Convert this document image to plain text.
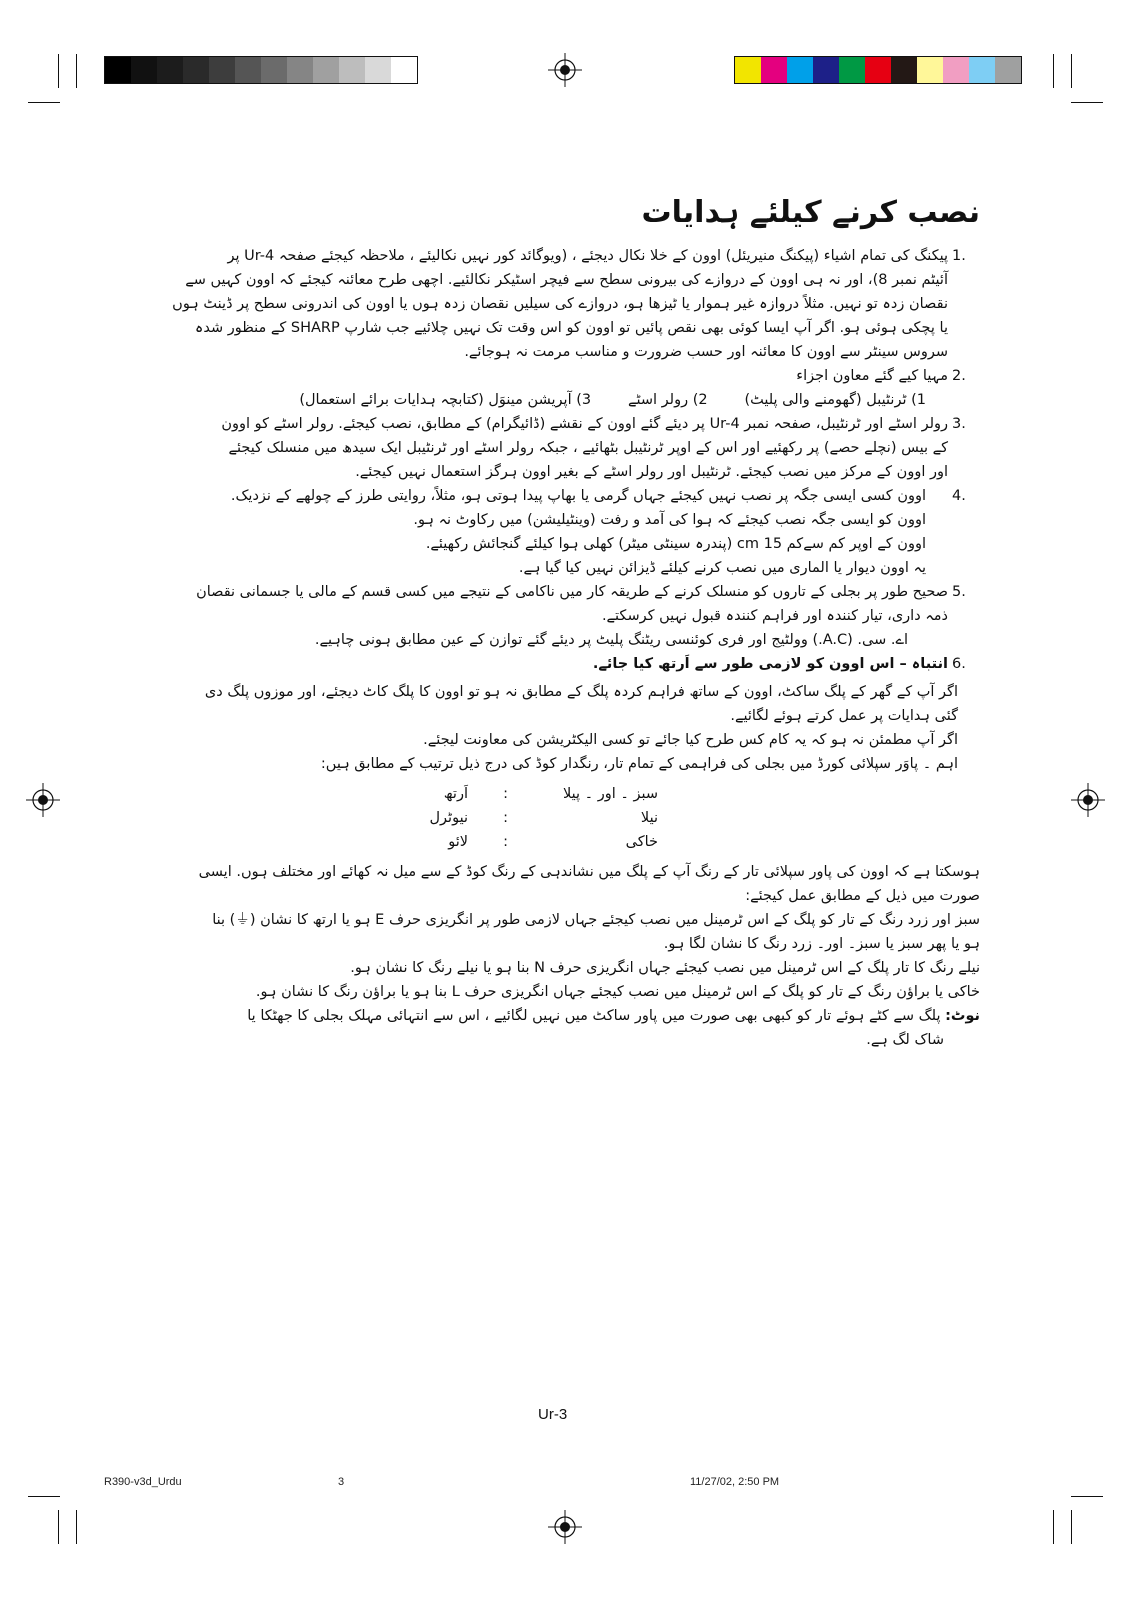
نصب کرنے کیلئے ہدایات
1.

پیکنگ کی تمام اشیاء (پیکنگ منیریئل) اوون کے خلا نکال دیجئے ، (ویوگائد کور نہیں نکالیئے ، ملاحظہ کیجئے صفحہ Ur-4 پر

آئیٹم نمبر 8)، اور نہ ہی اوون کے دروازے کی بیرونی سطح سے فیچر اسٹیکر نکالئیے. اچھی طرح معائنہ کیجئے کہ اوون کہیں سے

نقصان زدہ تو نہیں. مثلاً دروازہ غیر ہموار یا ٹیزھا ہو، دروازے کی سیلیں نقصان زدہ ہوں یا اوون کی اندرونی سطح پر ڈینٹ ہوں

یا پچکی ہوئی ہو. اگر آپ ایسا کوئی بھی نقص پائیں تو اوون کو اس وقت تک نہیں چلائیے جب شارپ SHARP کے منظور شدہ

سروس سینٹر سے اوون کا معائنہ اور حسب ضرورت و مناسب مرمت نہ ہوجائے.

2.

مہیا کیے گئے معاون اجزاء

1) ٹرنٹیبل (گھومنے والی پلیٹ)        2) رولر اسٹے        3) آپریشن مینوَل (کتابچہ ہدایات برائے استعمال)

3.

رولر اسٹے اور ٹرنٹیبل، صفحہ نمبر Ur-4 پر دیئے گئے اوون کے نقشے (ڈائیگرام) کے مطابق، نصب کیجئے. رولر اسٹے کو اوون

کے بیس (نچلے حصے) پر رکھئیے اور اس کے اوپر ٹرنٹیبل بٹھائیے ، جبکہ رولر اسٹے اور ٹرنٹیبل ایک سیدھ میں منسلک کیجئے

اور اوون کے مرکز میں نصب کیجئے. ٹرنٹیبل اور رولر اسٹے کے بغیر اوون ہرگز استعمال نہیں کیجئے.

4.

اوون کسی ایسی جگہ پر نصب نہیں کیجئے جہاں گرمی یا بھاپ پیدا ہوتی ہو، مثلاً، روایتی طرز کے چولھے کے نزدیک.

اوون کو ایسی جگہ نصب کیجئے کہ ہوا کی آمد و رفت (وینٹیلیشن) میں رکاوٹ نہ ہو.

اوون کے اوپر کم سےکم 15 cm (پندرہ سینٹی میٹر) کھلی ہوا کیلئے گنجائش رکھیئے.

یہ اوون دیوار یا الماری میں نصب کرنے کیلئے ڈیزائن نہیں کیا گیا ہے.

5.

صحیح طور پر بجلی کے تاروں کو منسلک کرنے کے طریقہ کار میں ناکامی کے نتیجے میں کسی قسم کے مالی یا جسمانی نقصان

ذمہ داری، تیار کنندہ اور فراہم کنندہ قبول نہیں کرسکتے.

اے. سی. (A.C.) وولٹیج اور فری کوئنسی ریٹنگ پلیٹ پر دیئے گئے توازن کے عین مطابق ہونی چاہیے.

6.

انتباہ – اس اوون کو لازمی طور سے اَرتھ کیا جائے.

اگر آپ کے گھر کے پلگ ساکٹ، اوون کے ساتھ فراہم کردہ پلگ کے مطابق نہ ہو تو اوون کا پلگ کاٹ دیجئے، اور موزوں پلگ دی

گئی ہدایات پر عمل کرتے ہوئے لگائیے.

اگر آپ مطمئن نہ ہو کہ یہ کام کس طرح کیا جائے تو کسی الیکٹریشن کی معاونت لیجئے.

اہم ۔ پاوَر سپلائی کورڈ میں بجلی کی فراہمی کے تمام تار، رنگدار کوڈ کی درج ذیل ترتیب کے مطابق ہیں:

سبز ۔ اور ۔ پیلا
:
اَرتھ
نیلا
:
نیوٹرل
خاکی
:
لائو

ہوسکتا ہے کہ اوون کی پاور سپلائی تار کے رنگ آپ کے پلگ میں نشاندہی کے رنگ کوڈ کے سے میل نہ کھائے اور مختلف ہوں. ایسی

صورت میں ذیل کے مطابق عمل کیجئے:

سبز اور زرد رنگ کے تار کو پلگ کے اس ٹرمینل میں نصب کیجئے جہاں لازمی طور پر انگریزی حرف E ہو یا ارتھ کا نشان (⏚) بنا

ہو یا پھر سبز یا سبز۔ اور۔ زرد رنگ کا نشان لگا ہو.

نیلے رنگ کا تار پلگ کے اس ٹرمینل میں نصب کیجئے جہاں انگریزی حرف N بنا ہو یا نیلے رنگ کا نشان ہو.

خاکی یا براؤن رنگ کے تار کو پلگ کے اس ٹرمینل میں نصب کیجئے جہاں انگریزی حرف L بنا ہو یا براؤن رنگ کا نشان ہو.

نوٹ: پلگ سے کٹے ہوئے تار کو کبھی بھی صورت میں پاور ساکٹ میں نہیں لگائیے ، اس سے انتہائی مہلک بجلی کا جھٹکا یا

شاک لگ ہے.

Ur-3
R390-v3d_Urdu	3	11/27/02, 2:50 PM
